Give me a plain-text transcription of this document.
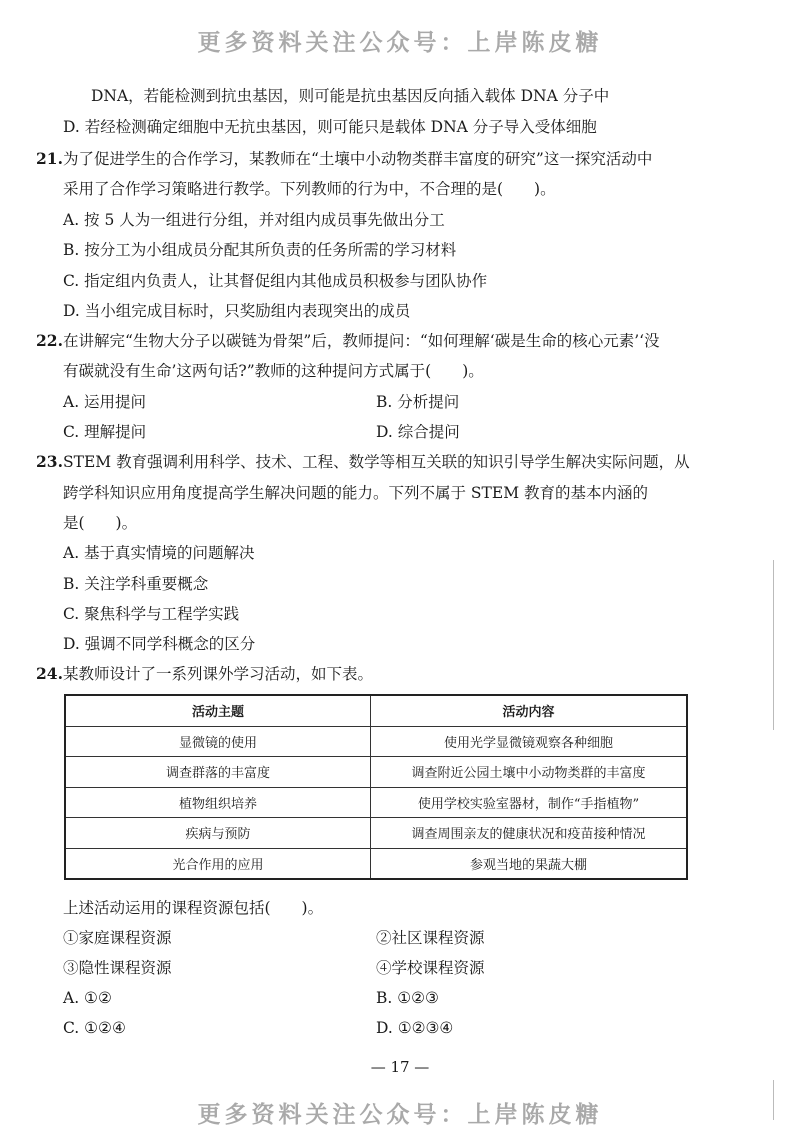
更多资料关注公众号：上岸陈皮糖
更多资料关注公众号：上岸陈皮糖
DNA，若能检测到抗虫基因，则可能是抗虫基因反向插入载体 DNA 分子中
D. 若经检测确定细胞中无抗虫基因，则可能只是载体 DNA 分子导入受体细胞
21. 为了促进学生的合作学习，某教师在“土壤中小动物类群丰富度的研究”这一探究活动中
采用了合作学习策略进行教学。下列教师的行为中，不合理的是(　　)。
A. 按 5 人为一组进行分组，并对组内成员事先做出分工
B. 按分工为小组成员分配其所负责的任务所需的学习材料
C. 指定组内负责人，让其督促组内其他成员积极参与团队协作
D. 当小组完成目标时，只奖励组内表现突出的成员
22. 在讲解完“生物大分子以碳链为骨架”后，教师提问：“如何理解‘碳是生命的核心元素’‘没
有碳就没有生命’这两句话?”教师的这种提问方式属于(　　)。
A. 运用提问	B. 分析提问
C. 理解提问	D. 综合提问
23. STEM 教育强调利用科学、技术、工程、数学等相互关联的知识引导学生解决实际问题，从
跨学科知识应用角度提高学生解决问题的能力。下列不属于 STEM 教育的基本内涵的
是(　　)。
A. 基于真实情境的问题解决
B. 关注学科重要概念
C. 聚焦科学与工程学实践
D. 强调不同学科概念的区分
24. 某教师设计了一系列课外学习活动，如下表。
活动主题	活动内容
显微镜的使用	使用光学显微镜观察各种细胞
调查群落的丰富度	调查附近公园土壤中小动物类群的丰富度
植物组织培养	使用学校实验室器材，制作“手指植物”
疾病与预防	调查周围亲友的健康状况和疫苗接种情况
光合作用的应用	参观当地的果蔬大棚
上述活动运用的课程资源包括(　　)。
①家庭课程资源	②社区课程资源
③隐性课程资源	④学校课程资源
A. ①②	B. ①②③
C. ①②④	D. ①②③④
— 17 —
